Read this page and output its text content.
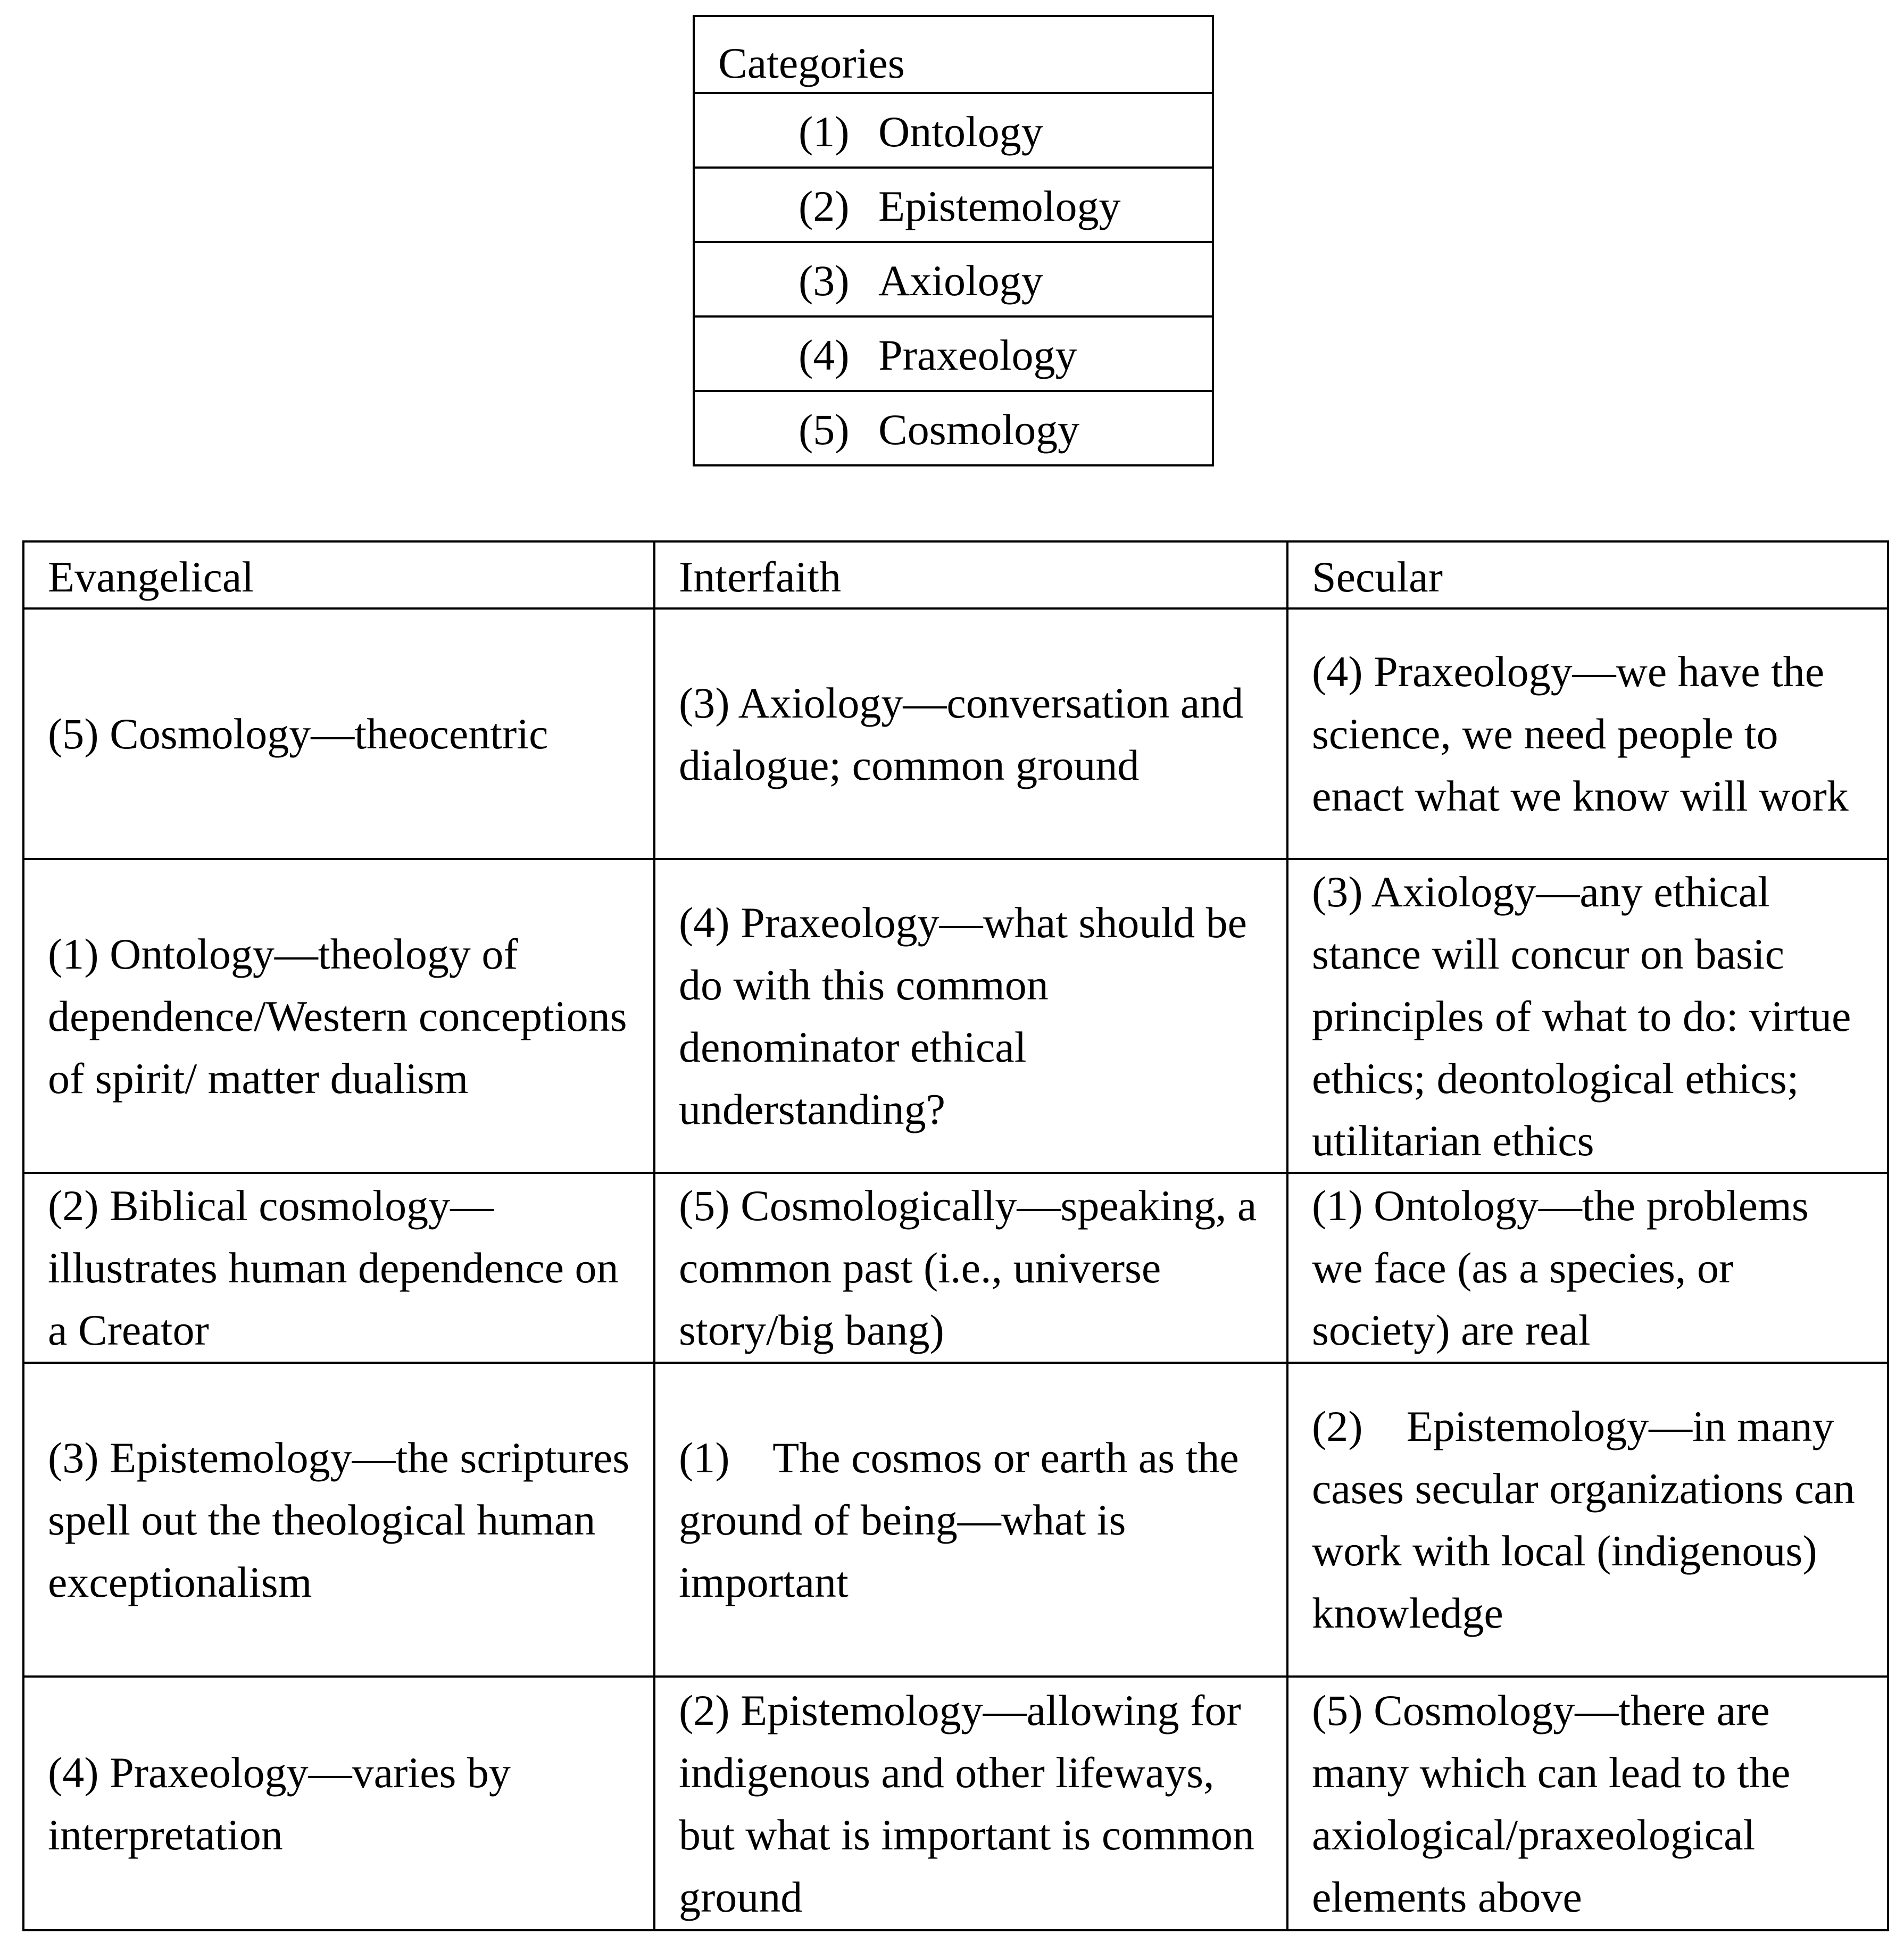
Categories
(1) Ontology
(2) Epistemology
(3) Axiology
(4) Praxeology
(5) Cosmology
Evangelical	Interfaith	Secular
(5) Cosmology—theocentric	(3) Axiology—conversation and dialogue; common ground	(4) Praxeology—we have the science, we need people to enact what we know will work
(1) Ontology—theology of dependence/Western conceptions of spirit/ matter dualism	(4) Praxeology—what should be do with this common denominator ethical understanding?	(3) Axiology—any ethical stance will concur on basic principles of what to do: virtue ethics; deontological ethics; utilitarian ethics
(2) Biblical cosmology—illustrates human dependence on a Creator	(5) Cosmologically—speaking, a common past (i.e., universe story/big bang)	(1) Ontology—the problems we face (as a species, or society) are real
(3) Epistemology—the scriptures spell out the theological human exceptionalism	(1)    The cosmos or earth as the ground of being—what is important	(2)    Epistemology—in many cases secular organizations can work with local (indigenous) knowledge
(4) Praxeology—varies by interpretation	(2) Epistemology—allowing for indigenous and other lifeways, but what is important is common ground	(5) Cosmology—there are many which can lead to the axiological/praxeological elements above
